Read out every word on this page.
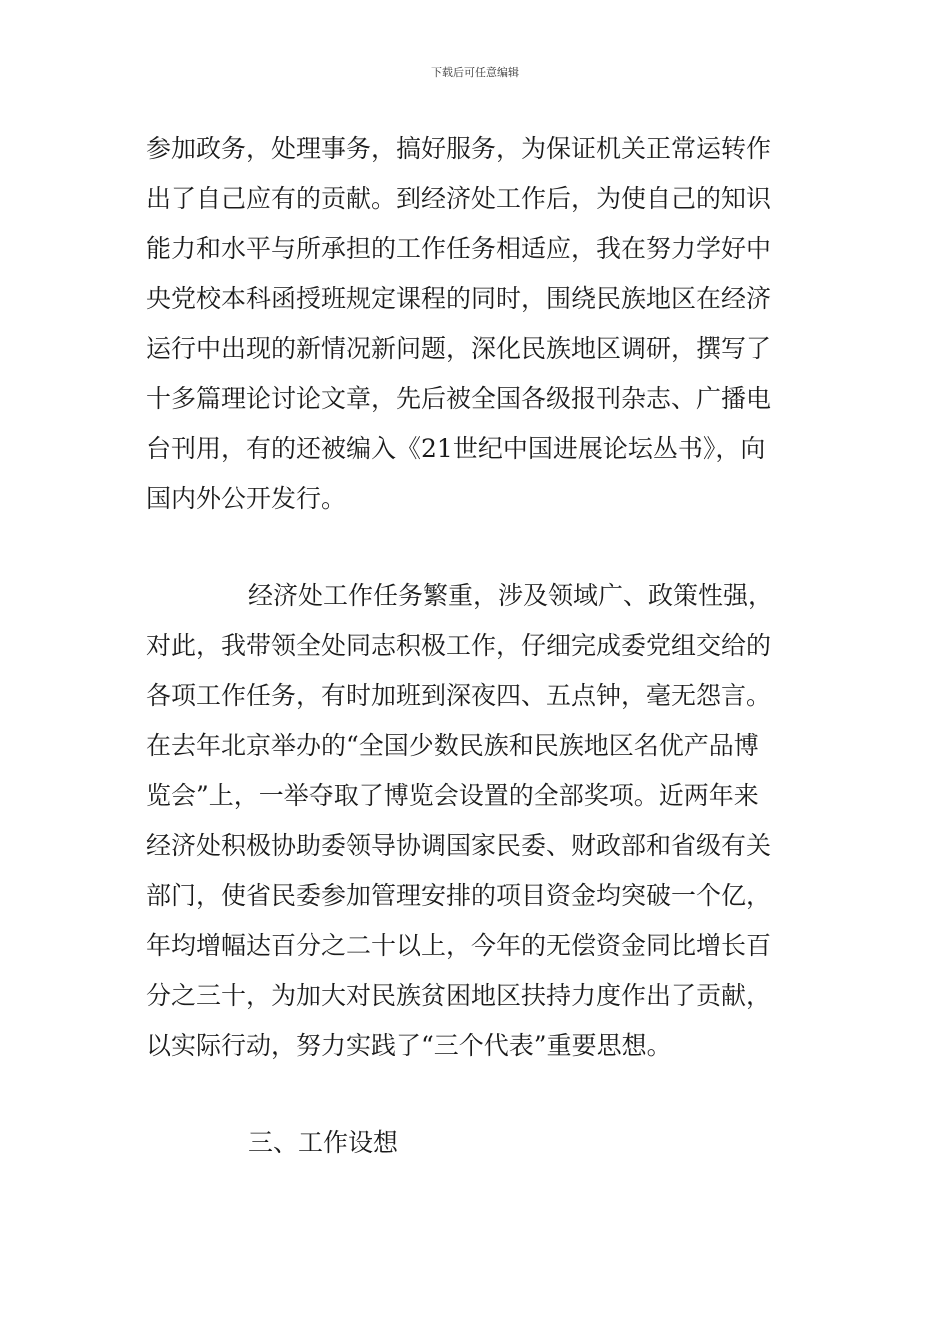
下载后可任意编辑
参加政务，处理事务，搞好服务，为保证机关正常运转作
出了自己应有的贡献。到经济处工作后，为使自己的知识
能力和水平与所承担的工作任务相适应，我在努力学好中
央党校本科函授班规定课程的同时，围绕民族地区在经济
运行中出现的新情况新问题，深化民族地区调研，撰写了
十多篇理论讨论文章，先后被全国各级报刊杂志、广播电
台刊用，有的还被编入《21世纪中国进展论坛丛书》，向
国内外公开发行。
经济处工作任务繁重，涉及领域广、政策性强，
对此，我带领全处同志积极工作，仔细完成委党组交给的
各项工作任务，有时加班到深夜四、五点钟，毫无怨言。
在去年北京举办的“全国少数民族和民族地区名优产品博
览会”上，一举夺取了博览会设置的全部奖项。近两年来
经济处积极协助委领导协调国家民委、财政部和省级有关
部门，使省民委参加管理安排的项目资金均突破一个亿，
年均增幅达百分之二十以上，今年的无偿资金同比增长百
分之三十，为加大对民族贫困地区扶持力度作出了贡献，
以实际行动，努力实践了“三个代表”重要思想。
三、工作设想
